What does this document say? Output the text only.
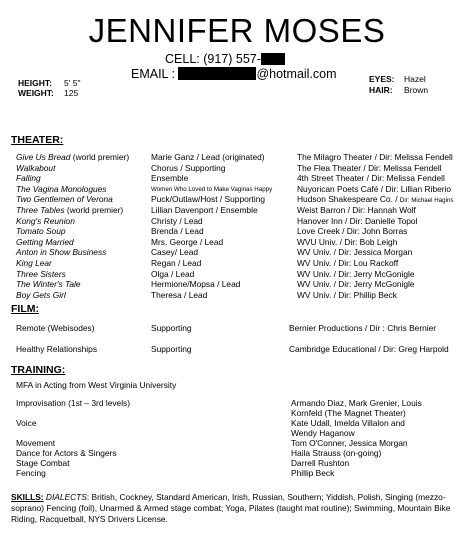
JENNIFER MOSES
CELL: (917) 557-
EMAIL :	@hotmail.com
HEIGHT: 5' 5"
WEIGHT: 125
EYES: Hazel
HAIR: Brown
THEATER:
Give Us Bread (world premier)	Marie Ganz / Lead (originated)	The Milagro Theater / Dir: Melissa Fendell
Walkabout	Chorus / Supporting	The Flea Theater / Dir: Melissa Fendell
Falling	Ensemble	4th Street Theater / Dir: Melissa Fendell
The Vagina Monologues	Women Who Loved to Make Vaginas Happy	Nuyorican Poets Café / Dir: Lillian Riberio
Two Gentlemen of Verona	Puck/Outlaw/Host / Supporting	Hudson Shakespeare Co. / Dir: Michael Hagins
Three Tables (world premier)	Lillian Davenport / Ensemble	Weist Barron / Dir: Hannah Wolf
Kong's Reunion	Christy / Lead	Hanover Inn / Dir: Danielle Topol
Tomato Soup	Brenda / Lead	Love Creek / Dir: John Borras
Getting Married	Mrs. George / Lead	WVU Univ. / Dir: Bob Leigh
Anton in Show Business	Casey/ Lead	WV Univ. / Dir: Jessica Morgan
King Lear	Regan / Lead	WV Univ. / Dir: Lou Rackoff
Three Sisters	Olga / Lead	WV Univ. / Dir: Jerry McGonigle
The Winter's Tale	Hermione/Mopsa / Lead	WV Univ. / Dir: Jerry McGonigle
Boy Gets Girl	Theresa / Lead	WV Univ. / Dir: Phillip Beck
FILM:
Remote (Webisodes)	Supporting	Bernier Productions / Dir : Chris Bernier
Healthy Relationships	Supporting	Cambridge Educational / Dir: Greg Harpold
TRAINING:
MFA in Acting from West Virginia University
Improvisation (1st – 3rd levels)	Armando Diaz, Mark Grenier, Louis
Kornfeld (The Magnet Theater)
Voice	Kate Udall, Imelda Villalon and
Wendy Haganow
Movement	Tom O'Conner, Jessica Morgan
Dance for Actors & Singers	Haila Strauss (on-going)
Stage Combat	Darrell Rushton
Fencing	Phillip Beck
SKILLS: DIALECTS: British, Cockney, Standard American, Irish, Russian, Southern; Yiddish, Polish, Singing (mezzo-soprano) Fencing (foil), Unarmed & Armed stage combat; Yoga, Pilates (taught mat routine); Swimming, Mountain Bike Riding, Racquetball, NYS Drivers License.
